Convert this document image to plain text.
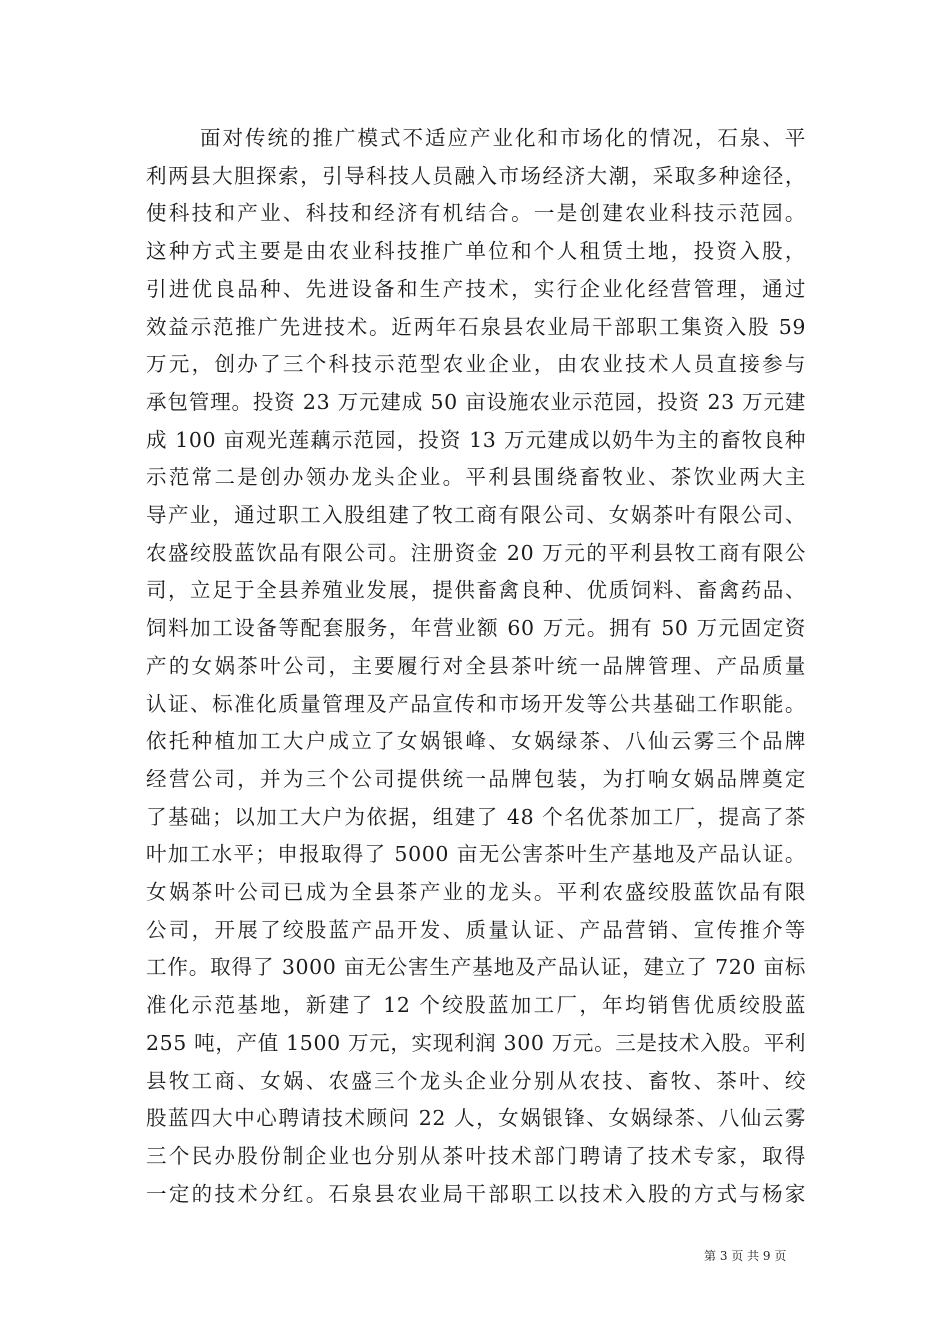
面对传统的推广模式不适应产业化和市场化的情况，石泉、平
利两县大胆探索，引导科技人员融入市场经济大潮，采取多种途径，
使科技和产业、科技和经济有机结合。一是创建农业科技示范园。
这种方式主要是由农业科技推广单位和个人租赁土地，投资入股，
引进优良品种、先进设备和生产技术，实行企业化经营管理，通过
效益示范推广先进技术。近两年石泉县农业局干部职工集资入股 59
万元，创办了三个科技示范型农业企业，由农业技术人员直接参与
承包管理。投资 23 万元建成 50 亩设施农业示范园，投资 23 万元建
成 100 亩观光莲藕示范园，投资 13 万元建成以奶牛为主的畜牧良种
示范常二是创办领办龙头企业。平利县围绕畜牧业、茶饮业两大主
导产业，通过职工入股组建了牧工商有限公司、女娲茶叶有限公司、
农盛绞股蓝饮品有限公司。注册资金 20 万元的平利县牧工商有限公
司，立足于全县养殖业发展，提供畜禽良种、优质饲料、畜禽药品、
饲料加工设备等配套服务，年营业额 60 万元。拥有 50 万元固定资
产的女娲茶叶公司，主要履行对全县茶叶统一品牌管理、产品质量
认证、标准化质量管理及产品宣传和市场开发等公共基础工作职能。
依托种植加工大户成立了女娲银峰、女娲绿茶、八仙云雾三个品牌
经营公司，并为三个公司提供统一品牌包装，为打响女娲品牌奠定
了基础；以加工大户为依据，组建了 48 个名优茶加工厂，提高了茶
叶加工水平；申报取得了 5000 亩无公害茶叶生产基地及产品认证。
女娲茶叶公司已成为全县茶产业的龙头。平利农盛绞股蓝饮品有限
公司，开展了绞股蓝产品开发、质量认证、产品营销、宣传推介等
工作。取得了 3000 亩无公害生产基地及产品认证，建立了 720 亩标
准化示范基地，新建了 12 个绞股蓝加工厂，年均销售优质绞股蓝
255 吨，产值 1500 万元，实现利润 300 万元。三是技术入股。平利
县牧工商、女娲、农盛三个龙头企业分别从农技、畜牧、茶叶、绞
股蓝四大中心聘请技术顾问 22 人，女娲银锋、女娲绿茶、八仙云雾
三个民办股份制企业也分别从茶叶技术部门聘请了技术专家，取得
一定的技术分红。石泉县农业局干部职工以技术入股的方式与杨家
第 3 页 共 9 页
